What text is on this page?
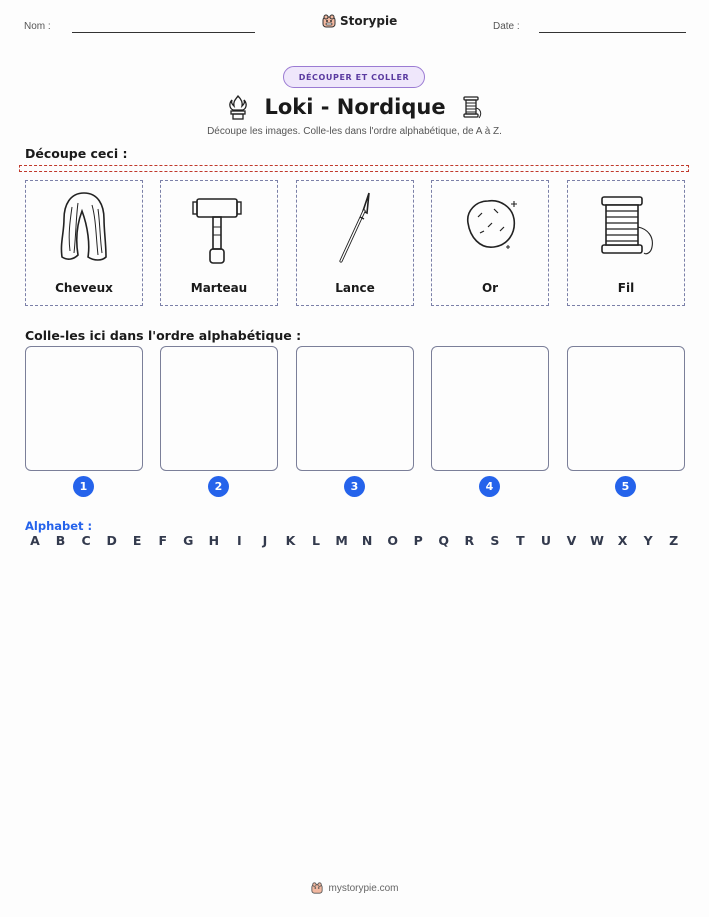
Nom :	Storypie	Date :
DÉCOUPER ET COLLER
Loki - Nordique
Découpe les images. Colle-les dans l'ordre alphabétique, de A à Z.
Découpe ceci :
Cheveux	Marteau	Lance	Or	Fil
Colle-les ici dans l'ordre alphabétique :
1	2	3	4	5
Alphabet :
A	B	C	D	E	F	G	H	I	J	K	L	M	N	O	P	Q	R	S	T	U	V	W	X	Y	Z
mystorypie.com
